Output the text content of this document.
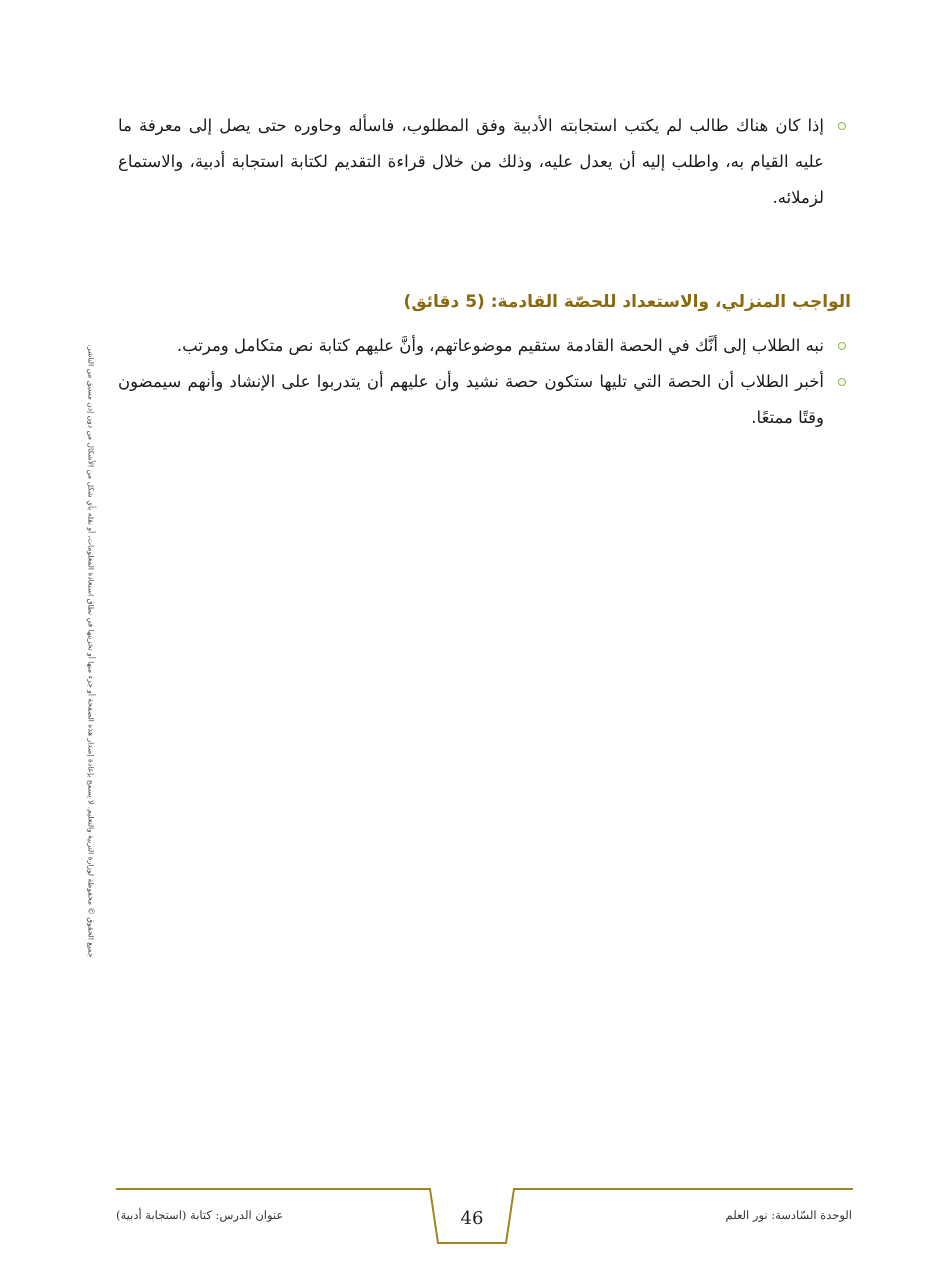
إذا كان هناك طالب لم يكتب استجابته الأدبية وفق المطلوب، فاسأله وحاوره حتى يصل إلى معرفة ما عليه القيام به، واطلب إليه أن يعدل عليه، وذلك من خلال قراءة التقديم لكتابة استجابة أدبية، والاستماع لزملائه.
الواجب المنزلي، والاستعداد للحصّة القادمة: (5 دقائق)
نبه الطلاب إلى أنَّك في الحصة القادمة ستقيم موضوعاتهم، وأنَّ عليهم كتابة نص متكامل ومرتب.
أخبر الطلاب أن الحصة التي تليها ستكون حصة نشيد وأن عليهم أن يتدربوا على الإنشاد وأنهم سيمضون وقتًا ممتعًا.
جميع الحقوق © محفوظة لوزارة التربية والتعليم. لا يسمح بإعادة إصدار هذه الصفحة أو جزء منها أو تخزينها في نطاق استعادة المعلومات، أو نقله بأي شكل من الأشكال من دون إذن مسبق من الناشر.
الوحدة السّادسة: نور العلم
عنوان الدرس: كتابة (استجابة أدبية)	46
